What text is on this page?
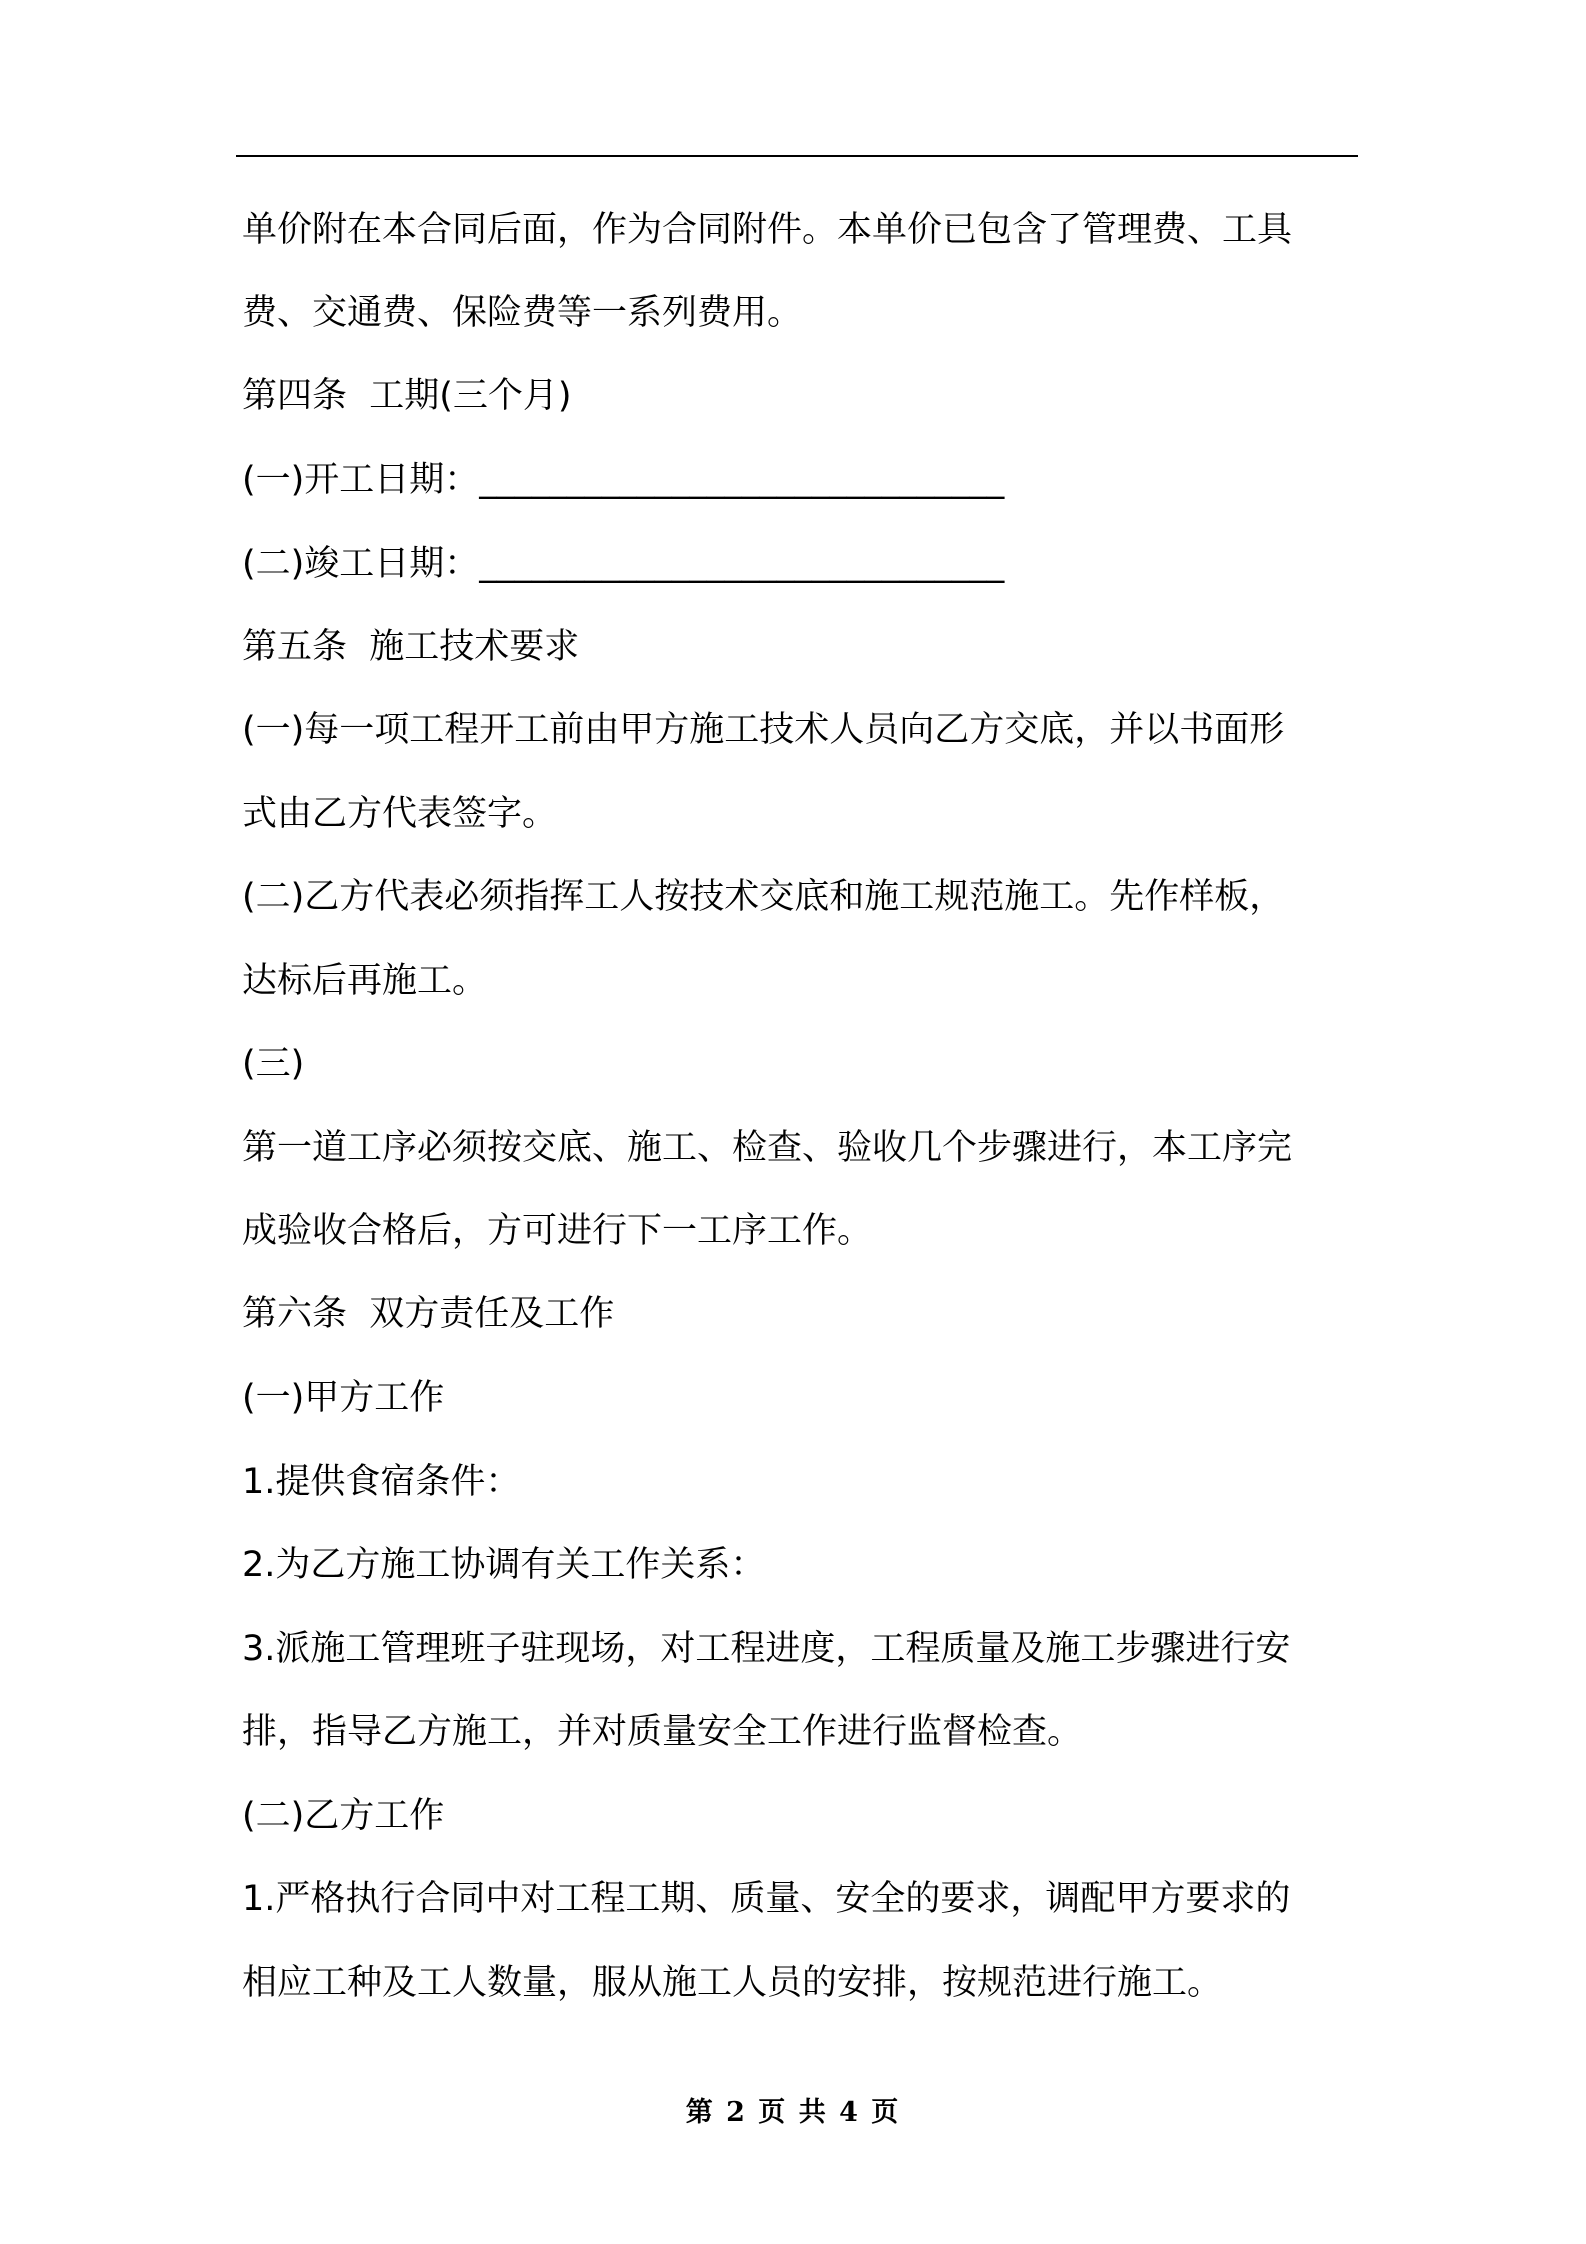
单价附在本合同后面，作为合同附件。本单价已包含了管理费、工具
费、交通费、保险费等一系列费用。
第四条  工期(三个月)
(一)开工日期：______________________________
(二)竣工日期：______________________________
第五条  施工技术要求
(一)每一项工程开工前由甲方施工技术人员向乙方交底，并以书面形
式由乙方代表签字。
(二)乙方代表必须指挥工人按技术交底和施工规范施工。先作样板，
达标后再施工。
(三)
第一道工序必须按交底、施工、检查、验收几个步骤进行，本工序完
成验收合格后，方可进行下一工序工作。
第六条  双方责任及工作
(一)甲方工作
1.提供食宿条件：
2.为乙方施工协调有关工作关系：
3.派施工管理班子驻现场，对工程进度，工程质量及施工步骤进行安
排，指导乙方施工，并对质量安全工作进行监督检查。
(二)乙方工作
1.严格执行合同中对工程工期、质量、安全的要求，调配甲方要求的
相应工种及工人数量，服从施工人员的安排，按规范进行施工。
第 2 页 共 4 页
